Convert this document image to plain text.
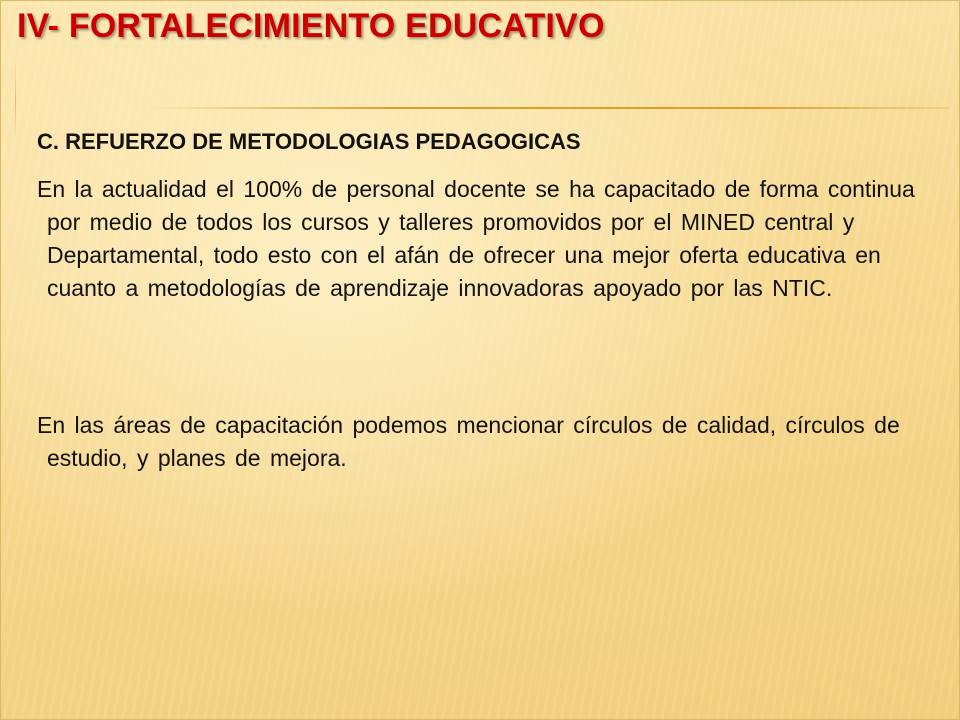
IV- FORTALECIMIENTO EDUCATIVO
C. REFUERZO DE METODOLOGIAS PEDAGOGICAS

En la actualidad el 100% de personal docente se ha capacitado de forma continua por medio de todos los cursos y talleres promovidos por el MINED central y Departamental, todo esto con el afán de ofrecer una mejor oferta educativa en cuanto a metodologías de aprendizaje innovadoras apoyado por las NTIC.

En las áreas de capacitación podemos mencionar círculos de calidad, círculos de estudio, y planes de mejora.
